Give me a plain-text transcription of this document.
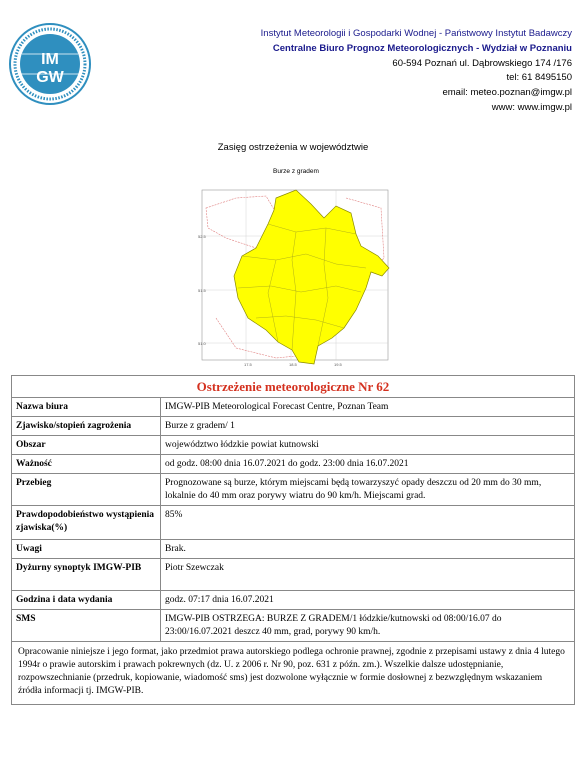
IM
GW
Instytut Meteorologii i Gospodarki Wodnej - Państwowy Instytut Badawczy
Centralne Biuro Prognoz Meteorologicznych - Wydział w Poznaniu
60-594 Poznań ul. Dąbrowskiego 174 /176
tel: 61 8495150
email: meteo.poznan@imgw.pl
www: www.imgw.pl
Zasięg ostrzeżenia w województwie
52.5
51.5
51.0
17.5	18.5	19.5
Burze z gradem
Ostrzeżenie meteorologiczne Nr 62	
Nazwa biura	IMGW-PIB Meteorological Forecast Centre, Poznan Team
Zjawisko/stopień zagrożenia	Burze z gradem/ 1
Obszar	województwo łódzkie powiat kutnowski
Ważność	od godz. 08:00 dnia 16.07.2021 do godz. 23:00 dnia 16.07.2021
Przebieg	Prognozowane są burze, którym miejscami będą towarzyszyć opady deszczu od 20 mm do 30 mm, lokalnie do 40 mm oraz porywy wiatru do 90 km/h. Miejscami grad.
Prawdopodobieństwo wystąpienia zjawiska(%)	85%
Uwagi	Brak.
Dyżurny synoptyk IMGW-PIB	Piotr Szewczak
Godzina i data wydania	godz. 07:17 dnia 16.07.2021
SMS	IMGW-PIB OSTRZEGA: BURZE Z GRADEM/1 łódzkie/kutnowski od 08:00/16.07 do 23:00/16.07.2021 deszcz 40 mm, grad, porywy 90 km/h.
Opracowanie niniejsze i jego format, jako przedmiot prawa autorskiego podlega ochronie prawnej, zgodnie z przepisami ustawy z dnia 4 lutego 1994r o prawie autorskim i prawach pokrewnych (dz. U. z 2006 r. Nr 90, poz. 631 z późn. zm.). Wszelkie dalsze udostępnianie, rozpowszechnianie (przedruk, kopiowanie, wiadomość sms) jest dozwolone wyłącznie w formie dosłownej z bezwzględnym wskazaniem źródła informacji tj. IMGW-PIB.	
